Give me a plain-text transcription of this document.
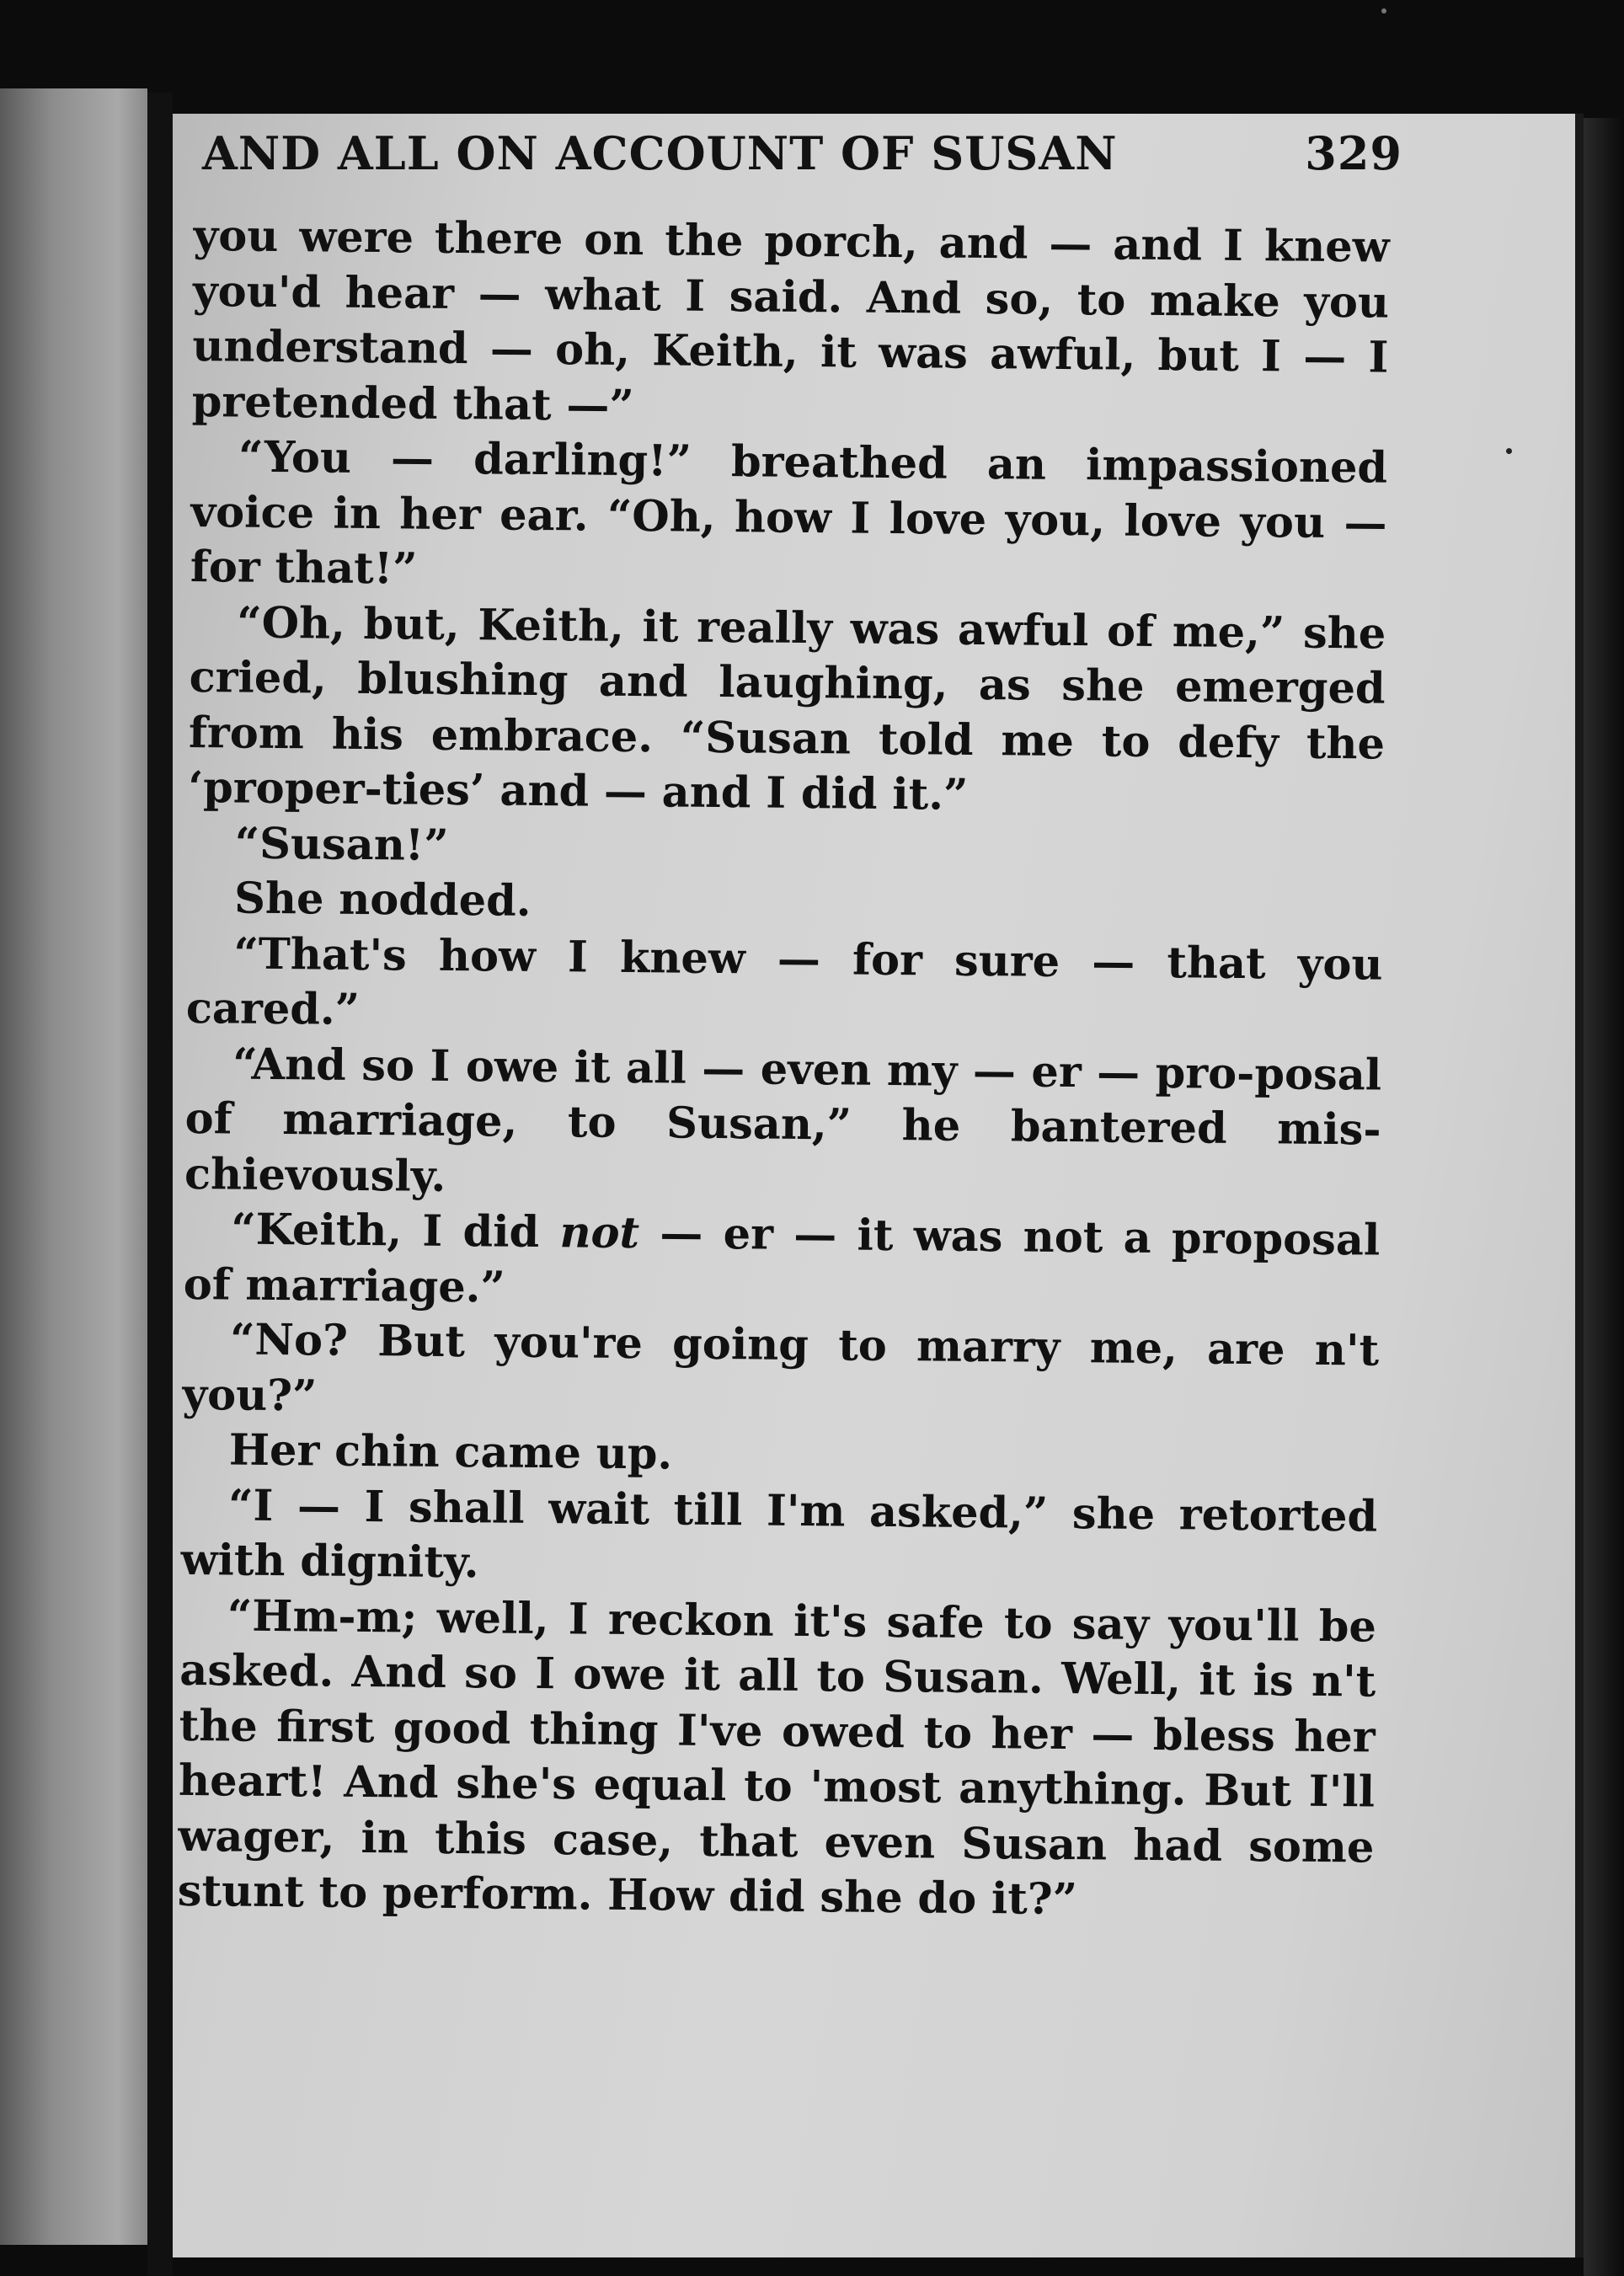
AND ALL ON ACCOUNT OF SUSAN	329

you were there on the porch, and — and I knew you'd hear — what I said. And so, to make you understand — oh, Keith, it was awful, but I — I pretended that —”

“You — darling!” breathed an impassioned voice in her ear. “Oh, how I love you, love you — for that!”

“Oh, but, Keith, it really was awful of me,” she cried, blushing and laughing, as she emerged from his embrace. “Susan told me to defy the ‘proper-ties’ and — and I did it.”

“Susan!”

She nodded.

“That's how I knew — for sure — that you cared.”

“And so I owe it all — even my — er — pro-posal of marriage, to Susan,” he bantered mis-chievously.

“Keith, I did not — er — it was not a proposal of marriage.”

“No? But you're going to marry me, are n't you?”

Her chin came up.

“I — I shall wait till I'm asked,” she retorted with dignity.

“Hm-m; well, I reckon it's safe to say you'll be asked. And so I owe it all to Susan. Well, it is n't the first good thing I've owed to her — bless her heart! And she's equal to 'most anything. But I'll wager, in this case, that even Susan had some stunt to perform. How did she do it?”
